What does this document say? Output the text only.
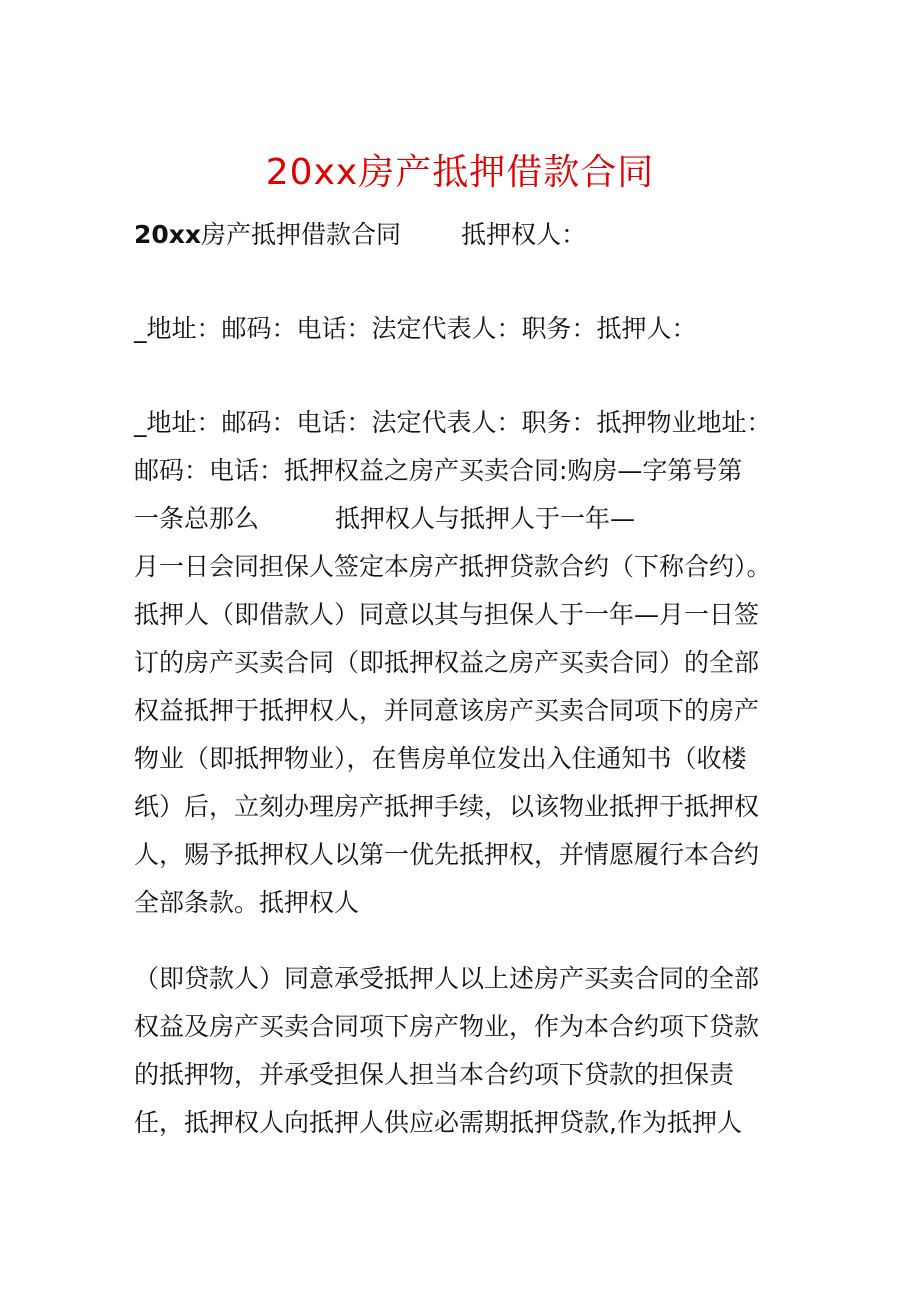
20xx房产抵押借款合同

20xx房产抵押借款合同 抵押权人：

_地址：邮码：电话：法定代表人：职务：抵押人：

_地址：邮码：电话：法定代表人：职务：抵押物业地址：

邮码：电话：抵押权益之房产买卖合同:购房—字第号第

一条总那么	抵押权人与抵押人于一年—

月一日会同担保人签定本房产抵押贷款合约（下称合约）。

抵押人（即借款人）同意以其与担保人于一年—月一日签

订的房产买卖合同（即抵押权益之房产买卖合同）的全部

权益抵押于抵押权人，并同意该房产买卖合同项下的房产

物业（即抵押物业），在售房单位发出入住通知书（收楼

纸）后，立刻办理房产抵押手续，以该物业抵押于抵押权

人，赐予抵押权人以第一优先抵押权，并情愿履行本合约

全部条款。抵押权人

（即贷款人）同意承受抵押人以上述房产买卖合同的全部

权益及房产买卖合同项下房产物业，作为本合约项下贷款

的抵押物，并承受担保人担当本合约项下贷款的担保责

任，抵押权人向抵押人供应必需期抵押贷款,作为抵押人
